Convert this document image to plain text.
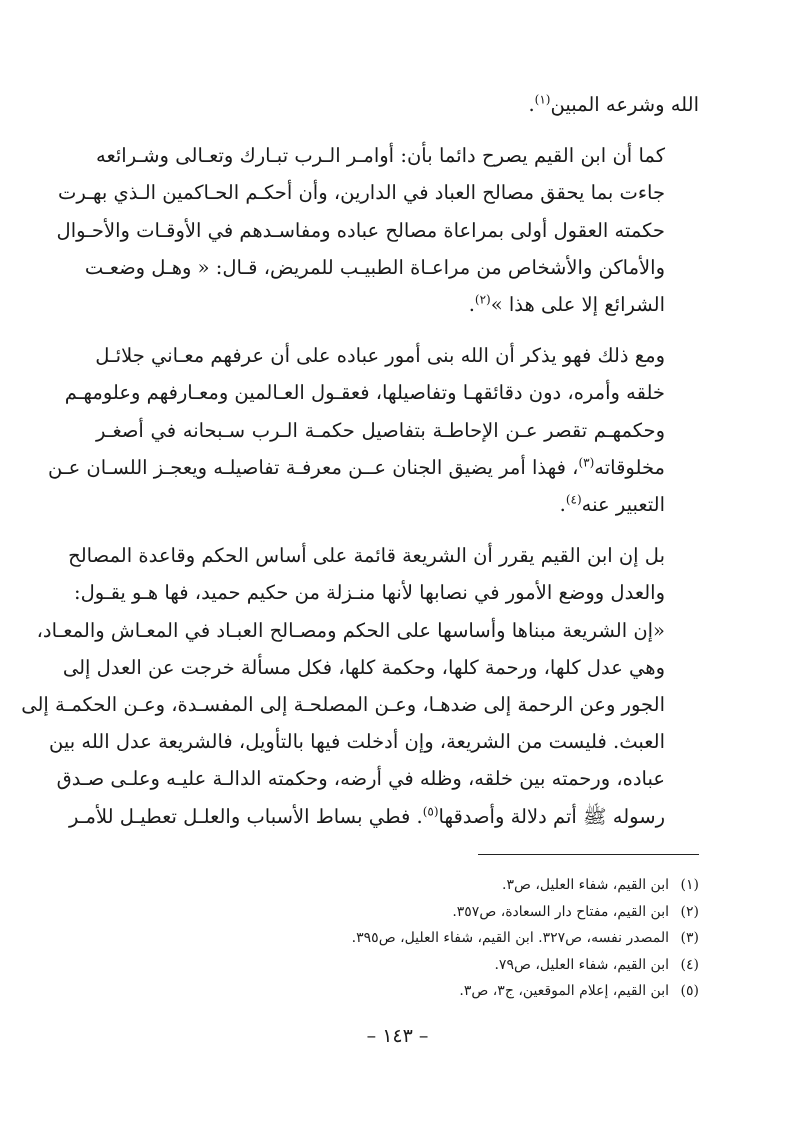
الله وشرعه المبين$^{(١)}$.

كما أن ابن القيم يصرح دائما بأن: أوامـر الـرب تبـارك وتعـالى وشـرائعه
جاءت بما يحقق مصالح العباد في الدارين، وأن أحكـم الحـاكمين الـذي بهـرت
حكمته العقول أولى بمراعاة مصالح عباده ومفاسـدهم في الأوقـات والأحـوال
والأماكن والأشخاص من مراعـاة الطبيـب للمريض، قـال: « وهـل وضعـت
الشرائع إلا على هذا »$^{(٢)}$.

ومع ذلك فهو يذكر أن الله بنى أمور عباده على أن عرفهم معـاني جلائـل
خلقه وأمره، دون دقائقهـا وتفاصيلها، فعقـول العـالمين ومعـارفهم وعلومهـم
وحكمهـم تقصر عـن الإحاطـة بتفاصيل حكمـة الـرب سـبحانه في أصغـر
مخلوقاته$^{(٣)}$، فهذا أمر يضيق الجنان عــن معرفـة تفاصيلـه ويعجـز اللسـان عـن
التعبير عنه$^{(٤)}$.

بل إن ابن القيم يقرر أن الشريعة قائمة على أساس الحكم وقاعدة المصالح
والعدل ووضع الأمور في نصابها لأنها منـزلة من حكيم حميد، فها هـو يقـول:
«إن الشريعة مبناها وأساسها على الحكم ومصـالح العبـاد في المعـاش والمعـاد،
وهي عدل كلها، ورحمة كلها، وحكمة كلها، فكل مسألة خرجت عن العدل إلى
الجور وعن الرحمة إلى ضدهـا، وعـن المصلحـة إلى المفسـدة، وعـن الحكمـة إلى
العبث. فليست من الشريعة، وإن أدخلت فيها بالتأويل، فالشريعة عدل الله بين
عباده، ورحمته بين خلقه، وظله في أرضه، وحكمته الدالـة عليـه وعلـى صـدق
رسوله ﷺ أتم دلالة وأصدقها$^{(٥)}$. فطي بساط الأسباب والعلـل تعطيـل للأمـر

(١)ابن القيم، شفاء العليل، ص٣.
(٢)ابن القيم، مفتاح دار السعادة، ص٣٥٧.
(٣)المصدر نفسه، ص٣٢٧. ابن القيم، شفاء العليل، ص٣٩٥.
(٤)ابن القيم، شفاء العليل، ص٧٩.
(٥)ابن القيم، إعلام الموقعين، ج٣، ص٣.
– ١٤٣ –
